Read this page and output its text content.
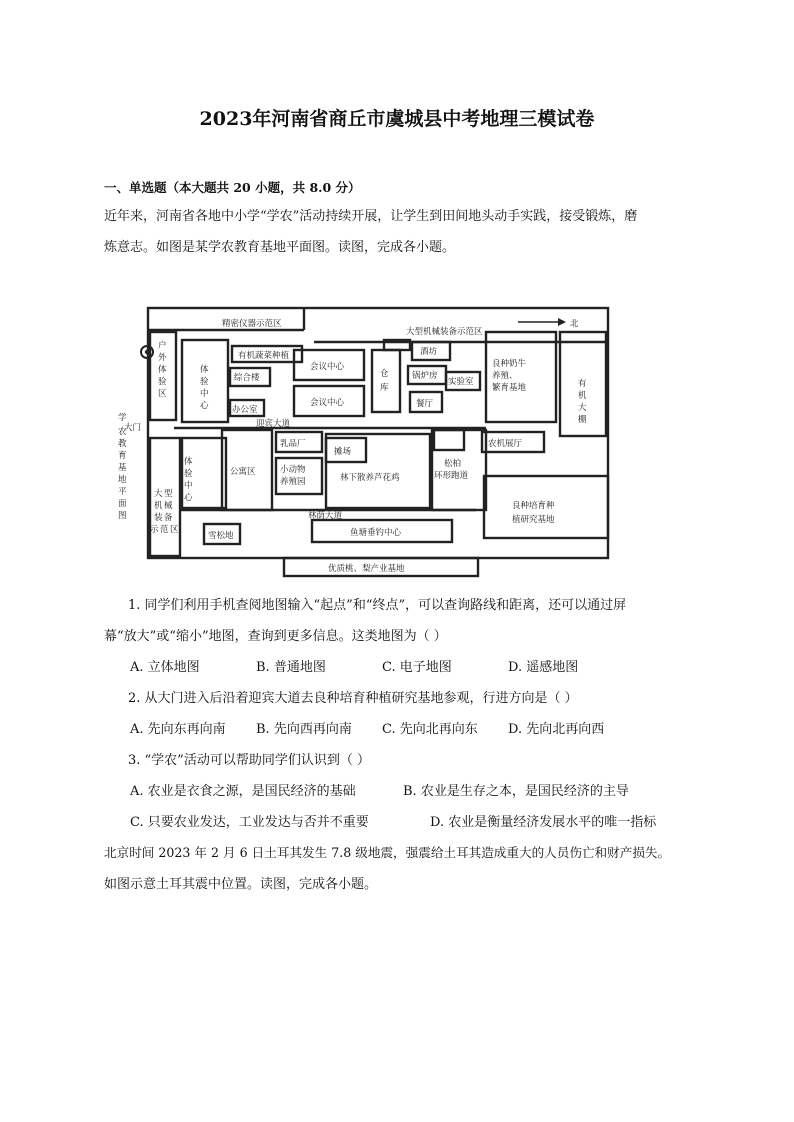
2023年河南省商丘市虞城县中考地理三模试卷
一、单选题（本大题共 20 小题，共 8.0 分）
近年来，河南省各地中小学“学农”活动持续开展，让学生到田间地头动手实践，接受锻炼，磨
炼意志。如图是某学农教育基地平面图。读图，完成各小题。
精密仪器示范区
大型机械装备示范区
北
有机蔬菜种植
综合楼
办公室
会议中心
会议中心
酒坊
锅炉房
实验室
餐厅
迎宾大道
乳品厂
摊场
农机展厅
公寓区
林下散养芦花鸡
林荫大道
雪松地	鱼塘垂钓中心
优质桃、梨产业基地
大门
学
农
教
育
基
地
平
面
图
户
外
体
验
区
体
验
中
心
仓
库
良种奶牛
养殖、
繁育基地	有
机
大
棚
小动物
养殖园
体
验
中
心
大 型
机 械
装 备
示 范 区
松柏
环形跑道
良种培育种
植研究基地
1. 同学们利用手机查阅地图输入“起点”和“终点”，可以查询路线和距离，还可以通过屏
幕“放大”或“缩小”地图，查询到更多信息。这类地图为（ ）
A. 立体地图	B. 普通地图	C. 电子地图	D. 遥感地图
2. 从大门进入后沿着迎宾大道去良种培育种植研究基地参观，行进方向是（ ）
A. 先向东再向南 B. 先向西再向南 C. 先向北再向东 D. 先向北再向西
3. “学农”活动可以帮助同学们认识到（ ）
A. 农业是衣食之源，是国民经济的基础	B. 农业是生存之本，是国民经济的主导
C. 只要农业发达，工业发达与否并不重要	D. 农业是衡量经济发展水平的唯一指标
北京时间 2023 年 2 月 6 日土耳其发生 7.8 级地震，强震给土耳其造成重大的人员伤亡和财产损失。
如图示意土耳其震中位置。读图，完成各小题。
